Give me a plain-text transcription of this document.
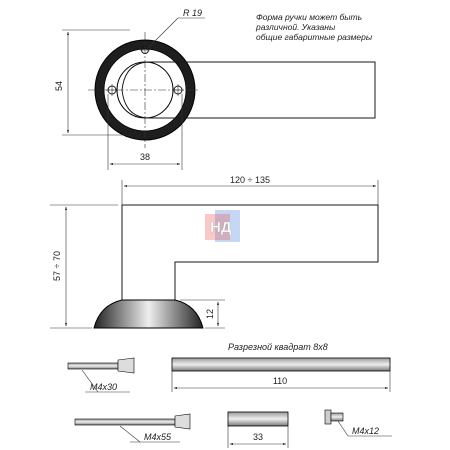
R 19
54
38
Форма ручки может быть
различной. Указаны
общие габаритные размеры
120 ÷ 135
57 ÷ 70
12
НД
Разрезной квадрат 8х8
110
М4х30
М4х55	33
М4х12
